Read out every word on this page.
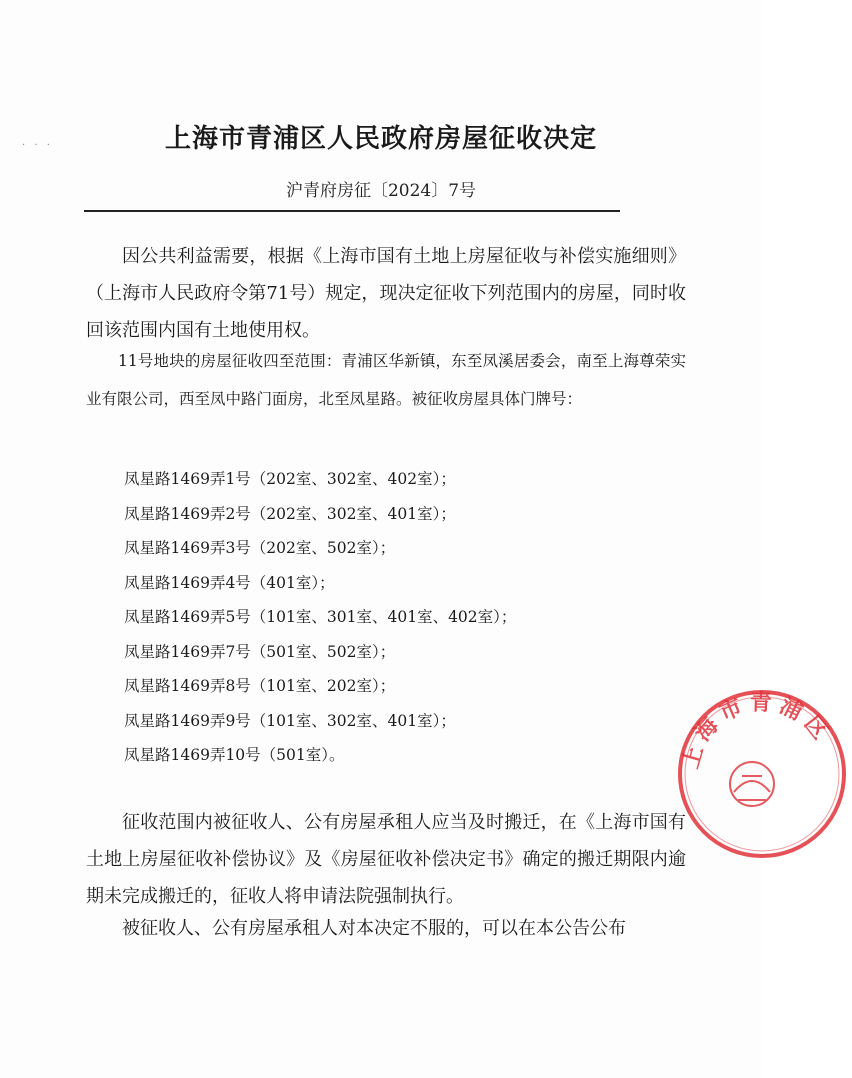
· · ·	上海市青浦区人民政府房屋征收决定
沪青府房征〔2024〕7号
因公共利益需要，根据《上海市国有土地上房屋征收与补偿实施细则》（上海市人民政府令第71号）规定，现决定征收下列范围内的房屋，同时收回该范围内国有土地使用权。
11号地块的房屋征收四至范围：青浦区华新镇，东至凤溪居委会，南至上海尊荣实业有限公司，西至凤中路门面房，北至凤星路。被征收房屋具体门牌号：
凤星路1469弄1号（202室、302室、402室）；
凤星路1469弄2号（202室、302室、401室）；
凤星路1469弄3号（202室、502室）；
凤星路1469弄4号（401室）；
凤星路1469弄5号（101室、301室、401室、402室）；
凤星路1469弄7号（501室、502室）；
凤星路1469弄8号（101室、202室）；
凤星路1469弄9号（101室、302室、401室）；
凤星路1469弄10号（501室）。
征收范围内被征收人、公有房屋承租人应当及时搬迁，在《上海市国有土地上房屋征收补偿协议》及《房屋征收补偿决定书》确定的搬迁期限内逾期未完成搬迁的，征收人将申请法院强制执行。
被征收人、公有房屋承租人对本决定不服的，可以在本公告公布
上海市青浦区
